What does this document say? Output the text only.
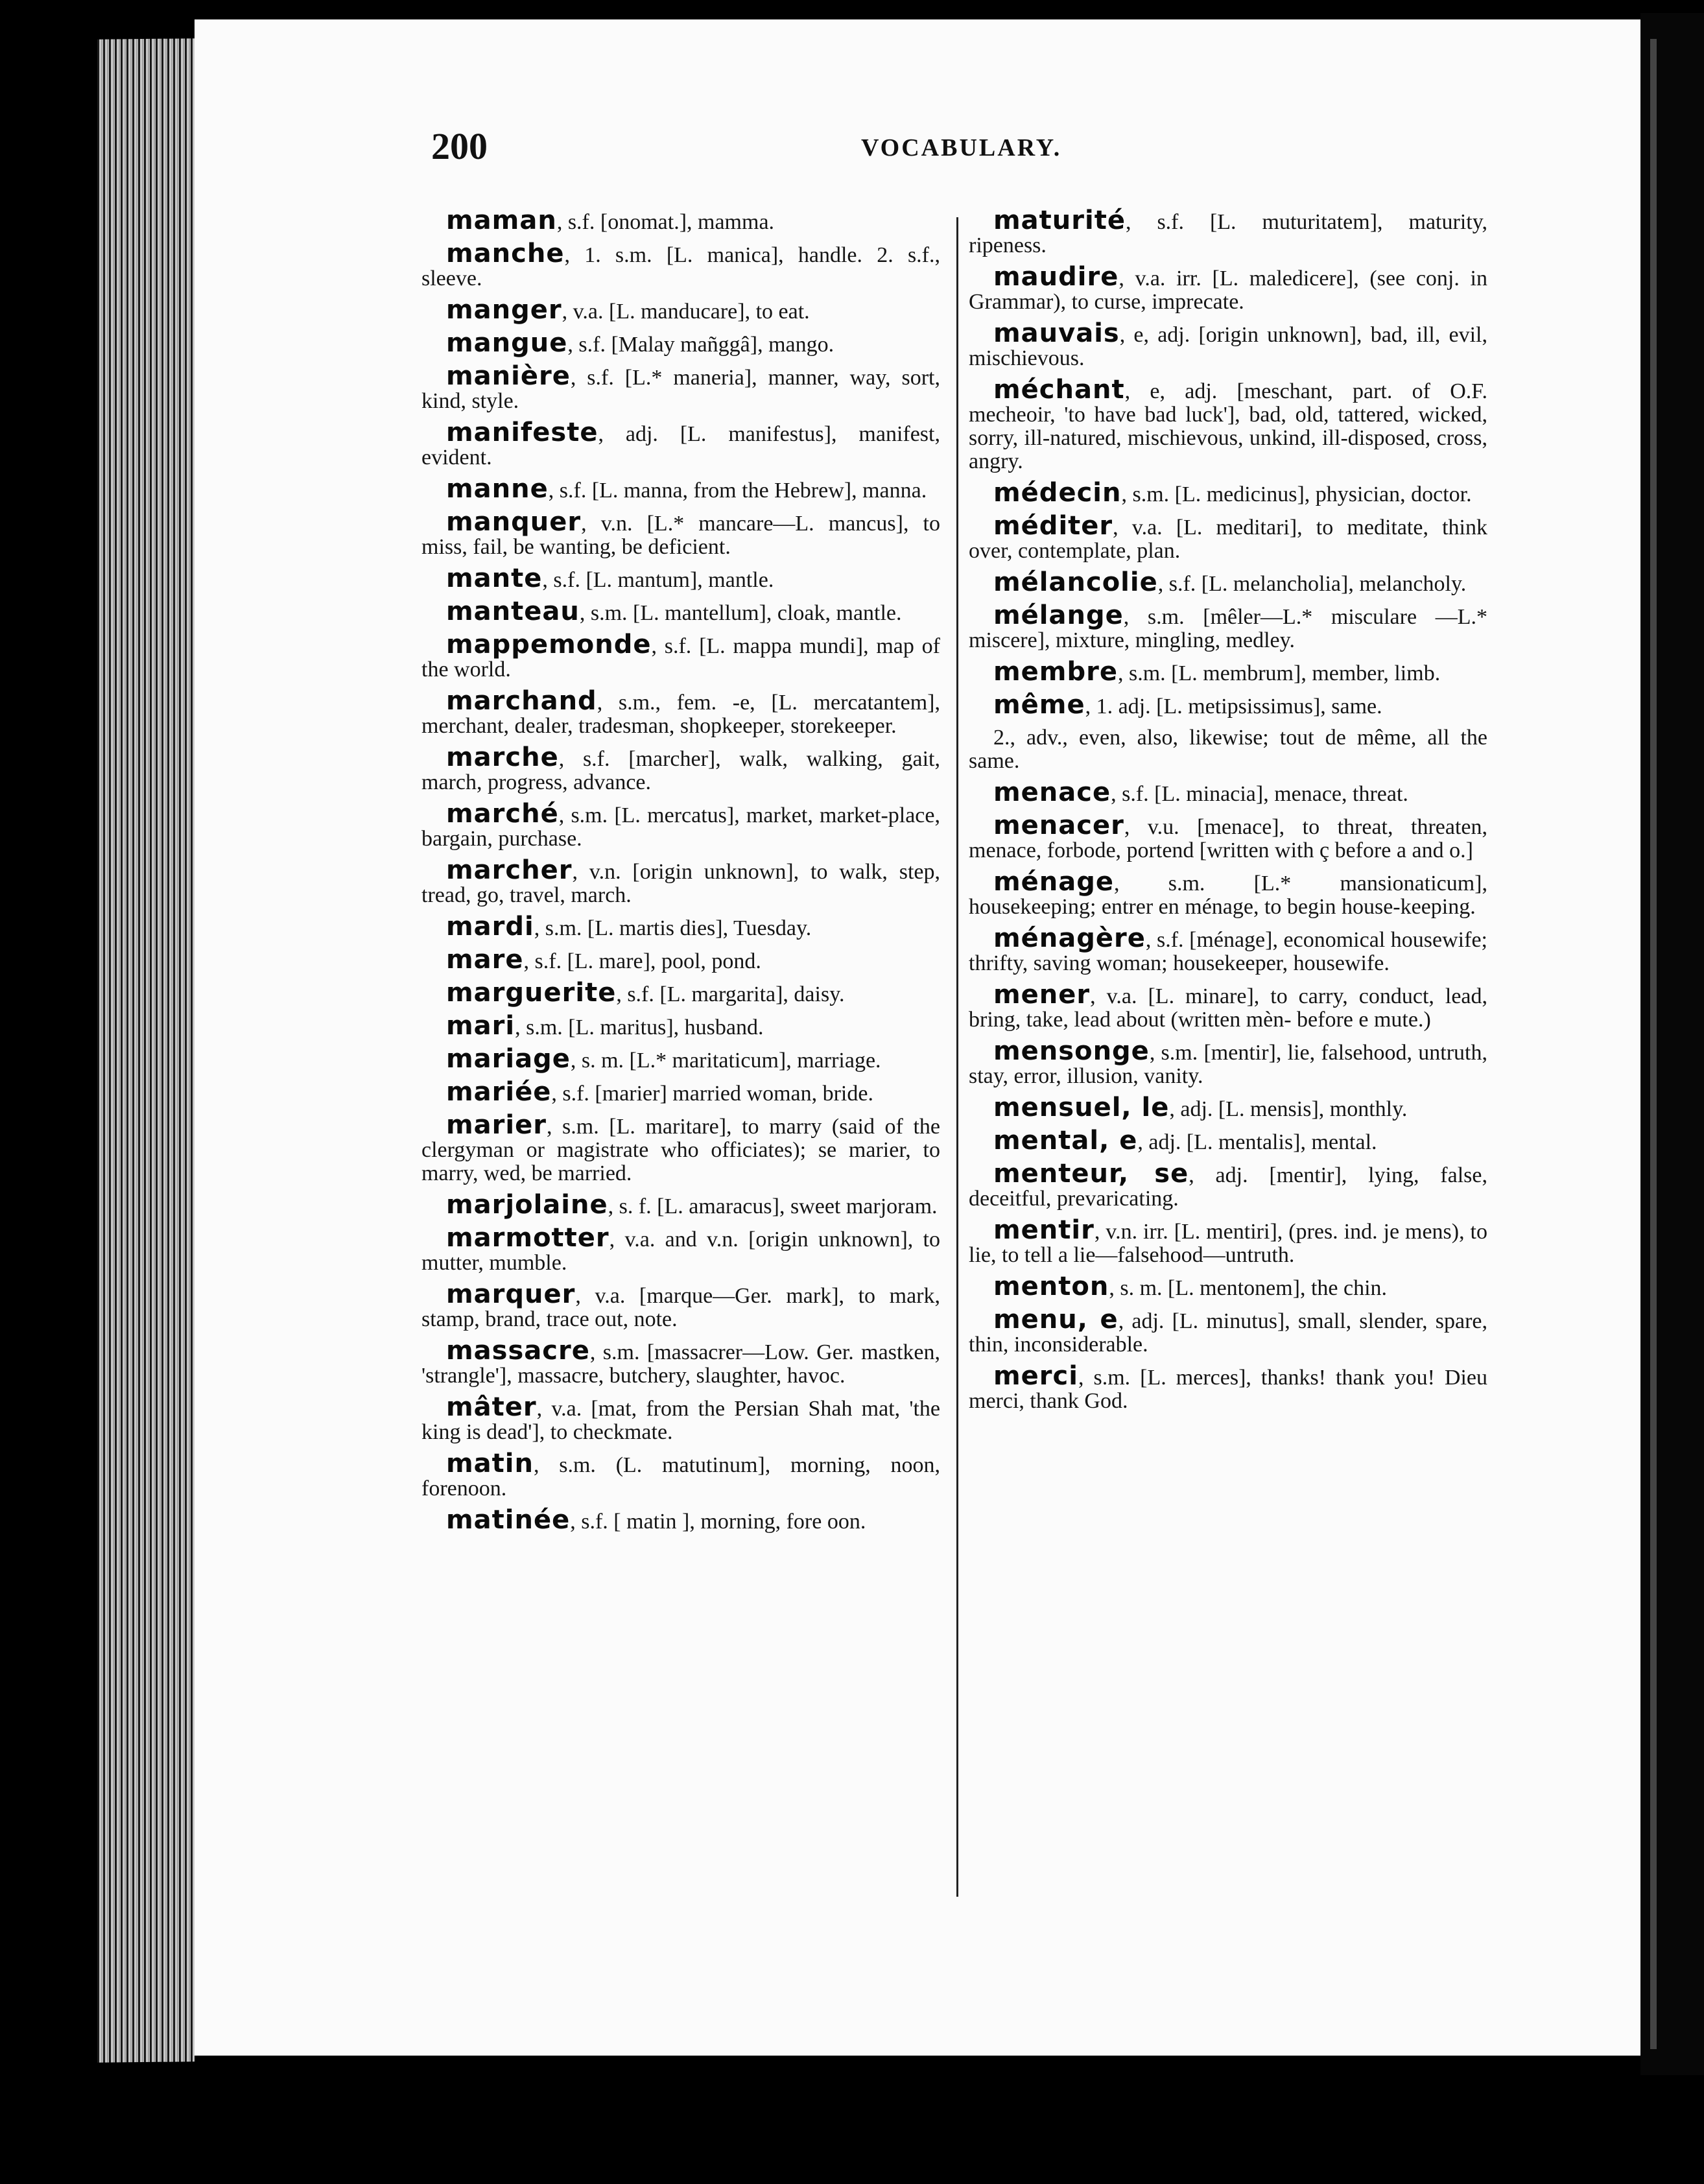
200	VOCABULARY.

maman, s.f. [onomat.], mamma.

manche, 1. s.m. [L. manica], handle. 2. s.f., sleeve.

manger, v.a. [L. manducare], to eat.

mangue, s.f. [Malay mañggâ], mango.

manière, s.f. [L.* maneria], manner, way, sort, kind, style.

manifeste, adj. [L. manifestus], manifest, evident.

manne, s.f. [L. manna, from the Hebrew], manna.

manquer, v.n. [L.* mancare—L. mancus], to miss, fail, be wanting, be deficient.

mante, s.f. [L. mantum], mantle.

manteau, s.m. [L. mantellum], cloak, mantle.

mappemonde, s.f. [L. mappa mundi], map of the world.

marchand, s.m., fem. -e, [L. mercatantem], merchant, dealer, tradesman, shopkeeper, storekeeper.

marche, s.f. [marcher], walk, walking, gait, march, progress, advance.

marché, s.m. [L. mercatus], market, market-place, bargain, purchase.

marcher, v.n. [origin unknown], to walk, step, tread, go, travel, march.

mardi, s.m. [L. martis dies], Tuesday.

mare, s.f. [L. mare], pool, pond.

marguerite, s.f. [L. margarita], daisy.

mari, s.m. [L. maritus], husband.

mariage, s. m. [L.* maritaticum], marriage.

mariée, s.f. [marier] married woman, bride.

marier, s.m. [L. maritare], to marry (said of the clergyman or magistrate who officiates); se marier, to marry, wed, be married.

marjolaine, s. f. [L. amaracus], sweet marjoram.

marmotter, v.a. and v.n. [origin unknown], to mutter, mumble.

marquer, v.a. [marque—Ger. mark], to mark, stamp, brand, trace out, note.

massacre, s.m. [massacrer—Low. Ger. mastken, 'strangle'], massacre, butchery, slaughter, havoc.

mâter, v.a. [mat, from the Persian Shah mat, 'the king is dead'], to checkmate.

matin, s.m. (L. matutinum], morning, noon, forenoon.

matinée, s.f. [ matin ], morning, fore oon.

maturité, s.f. [L. muturitatem], maturity, ripeness.

maudire, v.a. irr. [L. maledicere], (see conj. in Grammar), to curse, imprecate.

mauvais, e, adj. [origin unknown], bad, ill, evil, mischievous.

méchant, e, adj. [meschant, part. of O.F. mecheoir, 'to have bad luck'], bad, old, tattered, wicked, sorry, ill-natured, mischievous, unkind, ill-disposed, cross, angry.

médecin, s.m. [L. medicinus], physician, doctor.

méditer, v.a. [L. meditari], to meditate, think over, contemplate, plan.

mélancolie, s.f. [L. melancholia], melancholy.

mélange, s.m. [mêler—L.* misculare —L.* miscere], mixture, mingling, medley.

membre, s.m. [L. membrum], member, limb.

même, 1. adj. [L. metipsissimus], same.

2., adv., even, also, likewise; tout de même, all the same.

menace, s.f. [L. minacia], menace, threat.

menacer, v.u. [menace], to threat, threaten, menace, forbode, portend [written with ç before a and o.]

ménage, s.m. [L.* mansionaticum], housekeeping; entrer en ménage, to begin house-keeping.

ménagère, s.f. [ménage], economical housewife; thrifty, saving woman; housekeeper, housewife.

mener, v.a. [L. minare], to carry, conduct, lead, bring, take, lead about (written mèn- before e mute.)

mensonge, s.m. [mentir], lie, falsehood, untruth, stay, error, illusion, vanity.

mensuel, le, adj. [L. mensis], monthly.

mental, e, adj. [L. mentalis], mental.

menteur, se, adj. [mentir], lying, false, deceitful, prevaricating.

mentir, v.n. irr. [L. mentiri], (pres. ind. je mens), to lie, to tell a lie—falsehood—untruth.

menton, s. m. [L. mentonem], the chin.

menu, e, adj. [L. minutus], small, slender, spare, thin, inconsiderable.

merci, s.m. [L. merces], thanks! thank you! Dieu merci, thank God.
